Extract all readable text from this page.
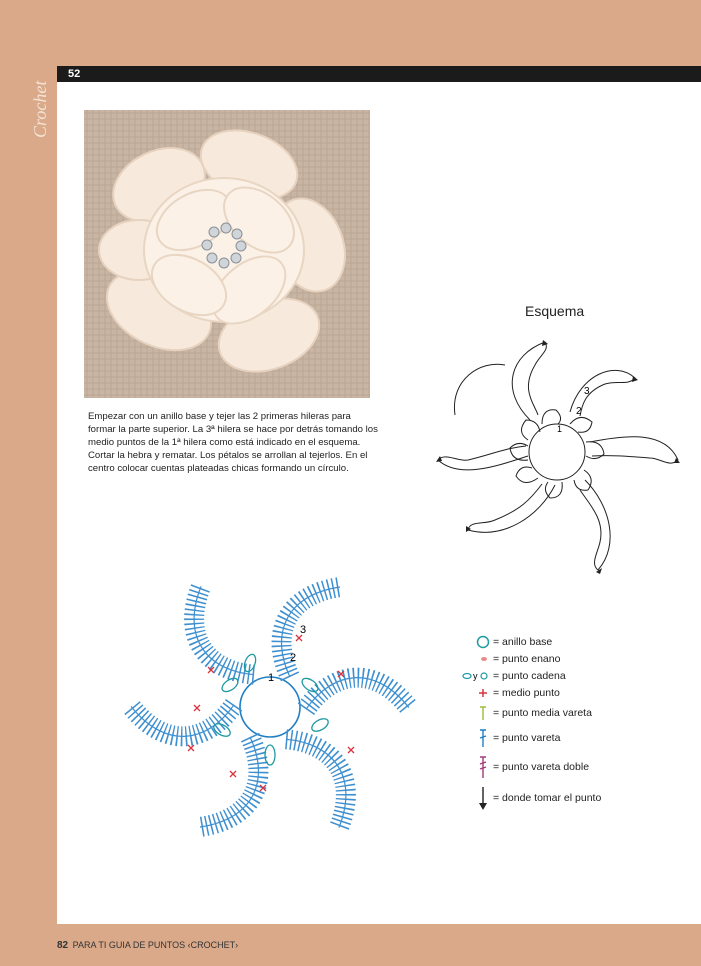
52
Crochet

Empezar con un anillo base y tejer las 2 primeras hileras para formar la parte superior. La 3ª hilera se hace por detrás tomando los medio puntos de la 1ª hilera como está indicado en el esquema. Cortar la hebra y rematar. Los pétalos se arrollan al tejerlos. En el centro colocar cuentas plateadas chicas formando un círculo.

Esquema
3
2
1
3
2
1
= anillo base
= punto enano
y = punto cadena
= medio punto
= punto media vareta
= punto vareta
= punto vareta doble
= donde tomar el punto
82 PARA TI GUIA DE PUNTOS ‹CROCHET›
